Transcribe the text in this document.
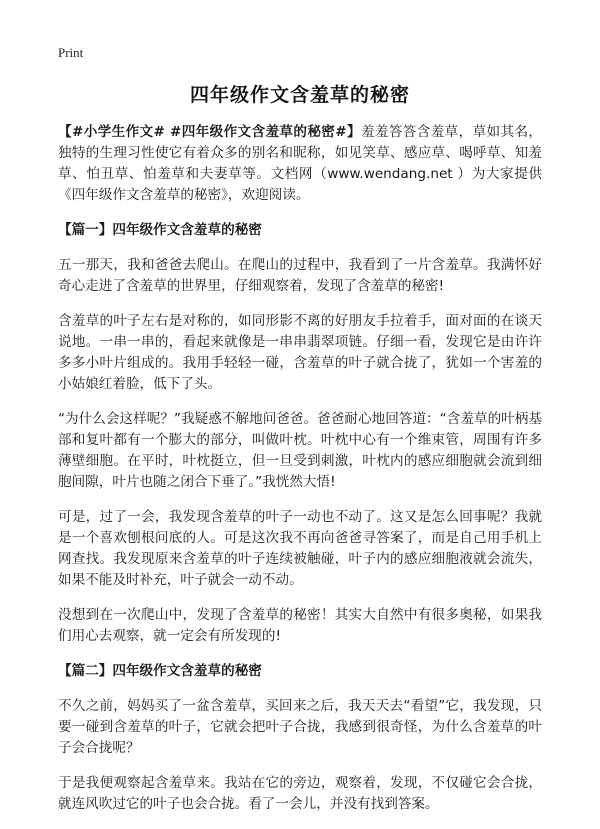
Print
四年级作文含羞草的秘密

【#小学生作文# #四年级作文含羞草的秘密#】羞羞答答含羞草，草如其名，独特的生理习性使它有着众多的别名和昵称，如见笑草、感应草、喝呼草、知羞草、怕丑草、怕羞草和夫妻草等。文档网（www.wendang.net ）为大家提供《四年级作文含羞草的秘密》，欢迎阅读。

【篇一】四年级作文含羞草的秘密

五一那天，我和爸爸去爬山。在爬山的过程中，我看到了一片含羞草。我满怀好奇心走进了含羞草的世界里，仔细观察着，发现了含羞草的秘密!

含羞草的叶子左右是对称的，如同形影不离的好朋友手拉着手，面对面的在谈天说地。一串一串的，看起来就像是一串串翡翠项链。仔细一看，发现它是由许许多多小叶片组成的。我用手轻轻一碰，含羞草的叶子就合拢了，犹如一个害羞的小姑娘红着脸，低下了头。

“为什么会这样呢？”我疑惑不解地问爸爸。爸爸耐心地回答道：“含羞草的叶柄基部和复叶都有一个膨大的部分，叫做叶枕。叶枕中心有一个维束管，周围有许多薄壁细胞。在平时，叶枕挺立，但一旦受到刺激，叶枕内的感应细胞就会流到细胞间隙，叶片也随之闭合下垂了。”我恍然大悟!

可是，过了一会，我发现含羞草的叶子一动也不动了。这又是怎么回事呢？我就是一个喜欢刨根问底的人。可是这次我不再向爸爸寻答案了，而是自己用手机上网查找。我发现原来含羞草的叶子连续被触碰，叶子内的感应细胞液就会流失，如果不能及时补充，叶子就会一动不动。

没想到在一次爬山中，发现了含羞草的秘密！其实大自然中有很多奥秘，如果我们用心去观察，就一定会有所发现的!

【篇二】四年级作文含羞草的秘密

不久之前，妈妈买了一盆含羞草，买回来之后，我天天去“看望”它，我发现，只要一碰到含羞草的叶子，它就会把叶子合拢，我感到很奇怪，为什么含羞草的叶子会合拢呢？

于是我便观察起含羞草来。我站在它的旁边，观察着，发现，不仅碰它会合拢，就连风吹过它的叶子也会合拢。看了一会儿，并没有找到答案。
